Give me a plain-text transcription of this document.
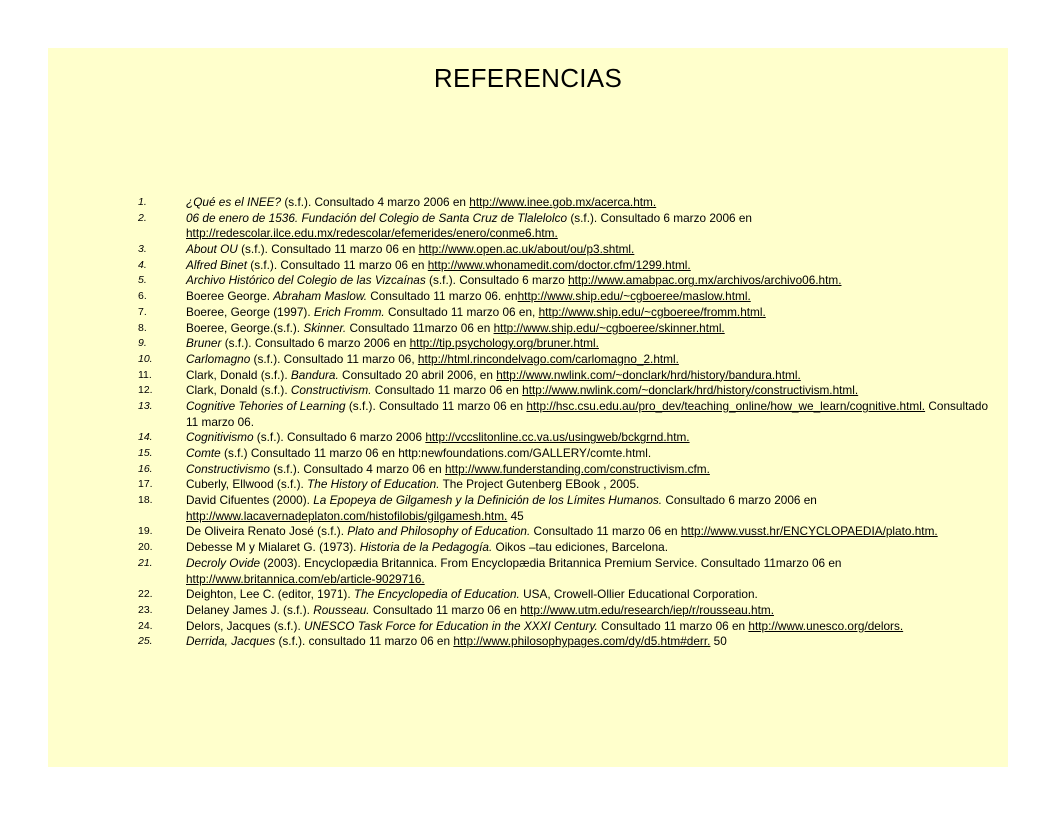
REFERENCIAS
1.	¿Qué es el INEE? (s.f.). Consultado 4 marzo 2006 en http://www.inee.gob.mx/acerca.htm.
2.	06 de enero de 1536. Fundación del Colegio de Santa Cruz de Tlalelolco (s.f.). Consultado 6 marzo 2006 en http://redescolar.ilce.edu.mx/redescolar/efemerides/enero/conme6.htm.
3.	About OU (s.f.). Consultado 11 marzo 06 en http://www.open.ac.uk/about/ou/p3.shtml.
4.	Alfred Binet (s.f.). Consultado 11 marzo 06 en http://www.whonamedit.com/doctor.cfm/1299.html.
5.	Archivo Histórico del Colegio de las Vizcaínas (s.f.). Consultado 6 marzo http://www.amabpac.org.mx/archivos/archivo06.htm.
6.	Boeree George. Abraham Maslow. Consultado 11 marzo 06. enhttp://www.ship.edu/~cgboeree/maslow.html.
7.	Boeree, George (1997). Erich Fromm. Consultado 11 marzo 06 en, http://www.ship.edu/~cgboeree/fromm.html.
8.	Boeree, George.(s.f.). Skinner. Consultado 11marzo 06 en http://www.ship.edu/~cgboeree/skinner.html.
9.	Bruner (s.f.). Consultado 6 marzo 2006 en http://tip.psychology.org/bruner.html.
10.	Carlomagno (s.f.). Consultado 11 marzo 06, http://html.rincondelvago.com/carlomagno_2.html.
11.	Clark, Donald (s.f.). Bandura. Consultado 20 abril 2006, en http://www.nwlink.com/~donclark/hrd/history/bandura.html.
12.	Clark, Donald (s.f.). Constructivism. Consultado 11 marzo 06 en http://www.nwlink.com/~donclark/hrd/history/constructivism.html.
13.	Cognitive Tehories of Learning (s.f.). Consultado 11 marzo 06 en http://hsc.csu.edu.au/pro_dev/teaching_online/how_we_learn/cognitive.html. Consultado 11 marzo 06.
14.	Cognitivismo (s.f.). Consultado 6 marzo 2006 http://vccslitonline.cc.va.us/usingweb/bckgrnd.htm.
15.	Comte (s.f.) Consultado 11 marzo 06 en http:newfoundations.com/GALLERY/comte.html.
16.	Constructivismo (s.f.). Consultado 4 marzo 06 en http://www.funderstanding.com/constructivism.cfm.
17.	Cuberly, Ellwood (s.f.). The History of Education. The Project Gutenberg EBook , 2005.
18.	David Cifuentes (2000). La Epopeya de Gilgamesh y la Definición de los Límites Humanos. Consultado 6 marzo 2006 en http://www.lacavernadeplaton.com/histofilobis/gilgamesh.htm. 45
19.	De Oliveira Renato José (s.f.). Plato and Philosophy of Education. Consultado 11 marzo 06 en http://www.vusst.hr/ENCYCLOPAEDIA/plato.htm.
20.	Debesse M y Mialaret G. (1973). Historia de la Pedagogía. Oikos –tau ediciones, Barcelona.
21.	Decroly Ovide (2003). Encyclopædia Britannica. From Encyclopædia Britannica Premium Service. Consultado 11marzo 06 en http://www.britannica.com/eb/article-9029716.
22.	Deighton, Lee C. (editor, 1971). The Encyclopedia of Education. USA, Crowell-Ollier Educational Corporation.
23.	Delaney James J. (s.f.). Rousseau. Consultado 11 marzo 06 en http://www.utm.edu/research/iep/r/rousseau.htm.
24.	Delors, Jacques (s.f.). UNESCO Task Force for Education in the XXXI Century. Consultado 11 marzo 06 en http://www.unesco.org/delors.
25.	Derrida, Jacques (s.f.). consultado 11 marzo 06 en http://www.philosophypages.com/dy/d5.htm#derr. 50
